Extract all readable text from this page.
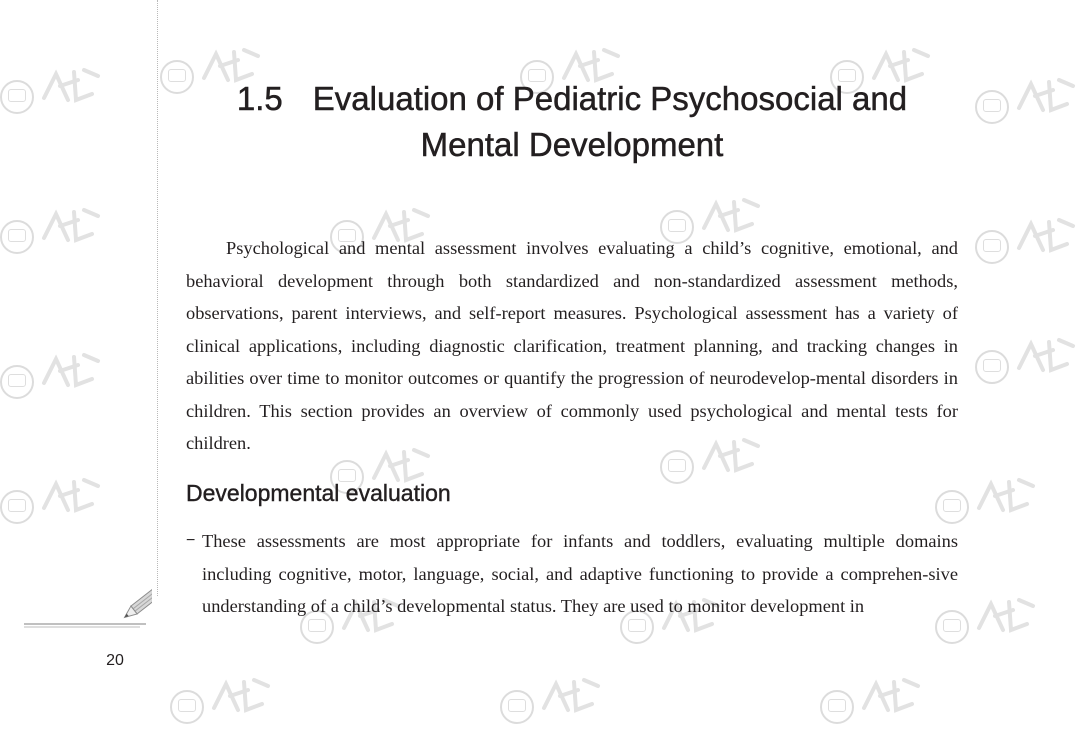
20
1.5 Evaluation of Pediatric Psychosocial and
Mental Development

Psychological and mental assessment involves evaluating a child’s cognitive, emotional, and behavioral development through both standardized and non-standardized assessment methods, observations, parent interviews, and self-report measures. Psychological assessment has a variety of clinical applications, including diagnostic clarification, treatment planning, and tracking changes in abilities over time to monitor outcomes or quantify the progression of neurodevelop-mental disorders in children. This section provides an overview of commonly used psychological and mental tests for children.

Developmental evaluation
− These assessments are most appropriate for infants and toddlers, evaluating multiple domains including cognitive, motor, language, social, and adaptive functioning to provide a comprehen-sive understanding of a child’s developmental status. They are used to monitor development in
